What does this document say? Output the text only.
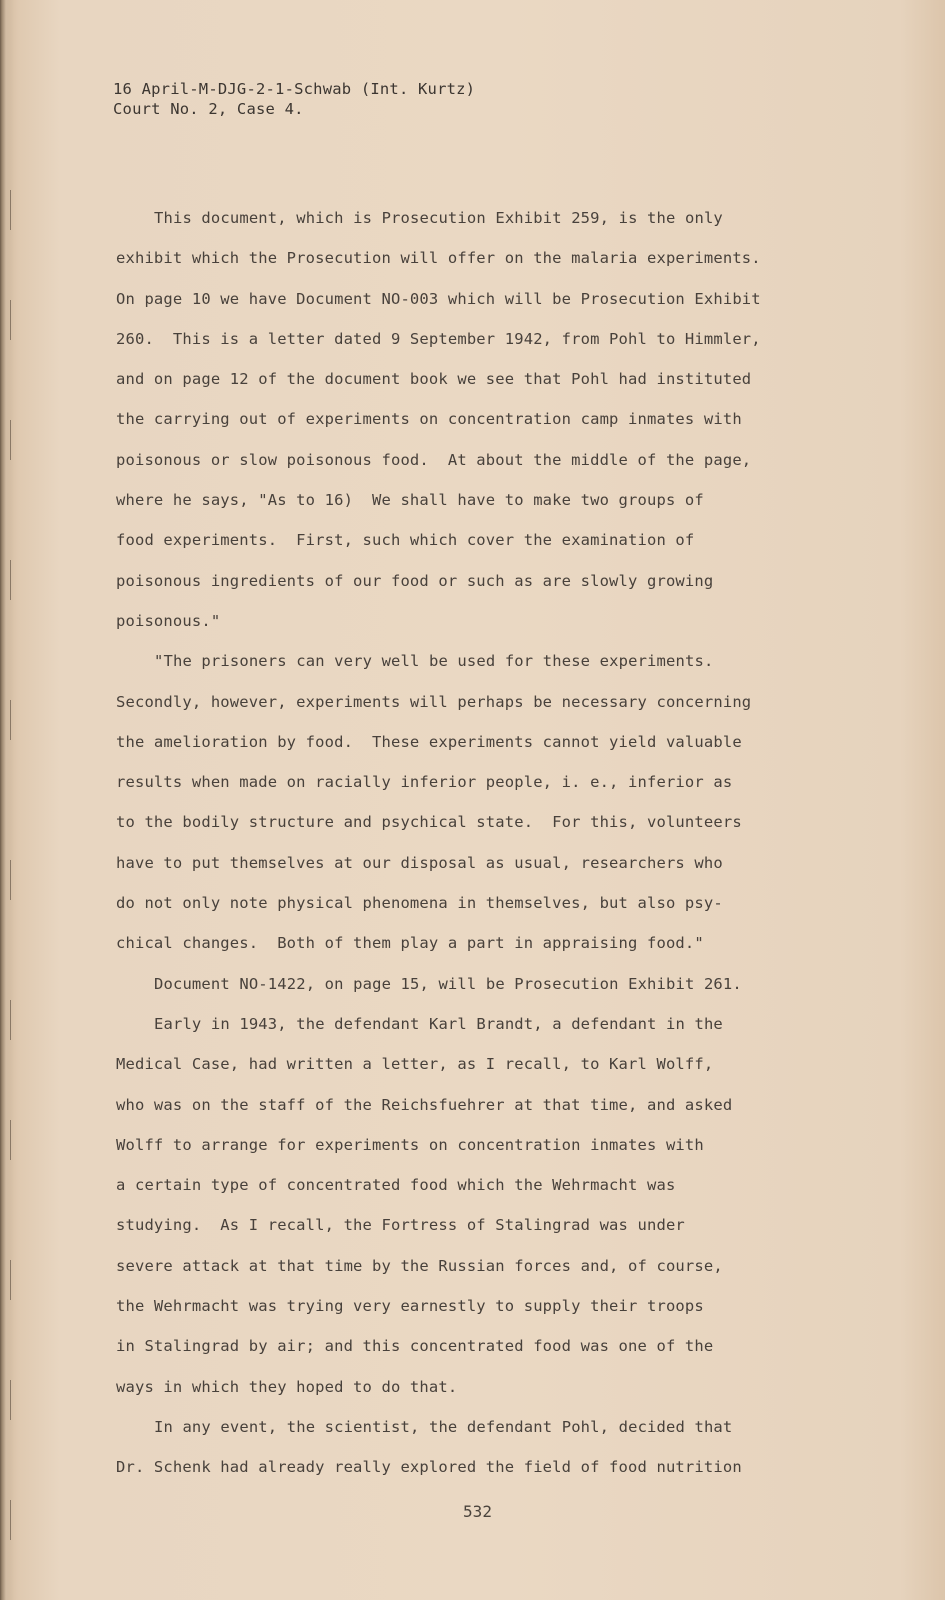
16 April-M-DJG-2-1-Schwab (Int. Kurtz)
Court No. 2, Case 4.
This document, which is Prosecution Exhibit 259, is the only
exhibit which the Prosecution will offer on the malaria experiments.
On page 10 we have Document NO-003 which will be Prosecution Exhibit
260.  This is a letter dated 9 September 1942, from Pohl to Himmler,
and on page 12 of the document book we see that Pohl had instituted
the carrying out of experiments on concentration camp inmates with
poisonous or slow poisonous food.  At about the middle of the page,
where he says, "As to 16)  We shall have to make two groups of
food experiments.  First, such which cover the examination of
poisonous ingredients of our food or such as are slowly growing
poisonous."
"The prisoners can very well be used for these experiments.
Secondly, however, experiments will perhaps be necessary concerning
the amelioration by food.  These experiments cannot yield valuable
results when made on racially inferior people, i. e., inferior as
to the bodily structure and psychical state.  For this, volunteers
have to put themselves at our disposal as usual, researchers who
do not only note physical phenomena in themselves, but also psy-
chical changes.  Both of them play a part in appraising food."
Document NO-1422, on page 15, will be Prosecution Exhibit 261.
Early in 1943, the defendant Karl Brandt, a defendant in the
Medical Case, had written a letter, as I recall, to Karl Wolff,
who was on the staff of the Reichsfuehrer at that time, and asked
Wolff to arrange for experiments on concentration inmates with
a certain type of concentrated food which the Wehrmacht was
studying.  As I recall, the Fortress of Stalingrad was under
severe attack at that time by the Russian forces and, of course,
the Wehrmacht was trying very earnestly to supply their troops
in Stalingrad by air; and this concentrated food was one of the
ways in which they hoped to do that.
In any event, the scientist, the defendant Pohl, decided that
Dr. Schenk had already really explored the field of food nutrition
532
